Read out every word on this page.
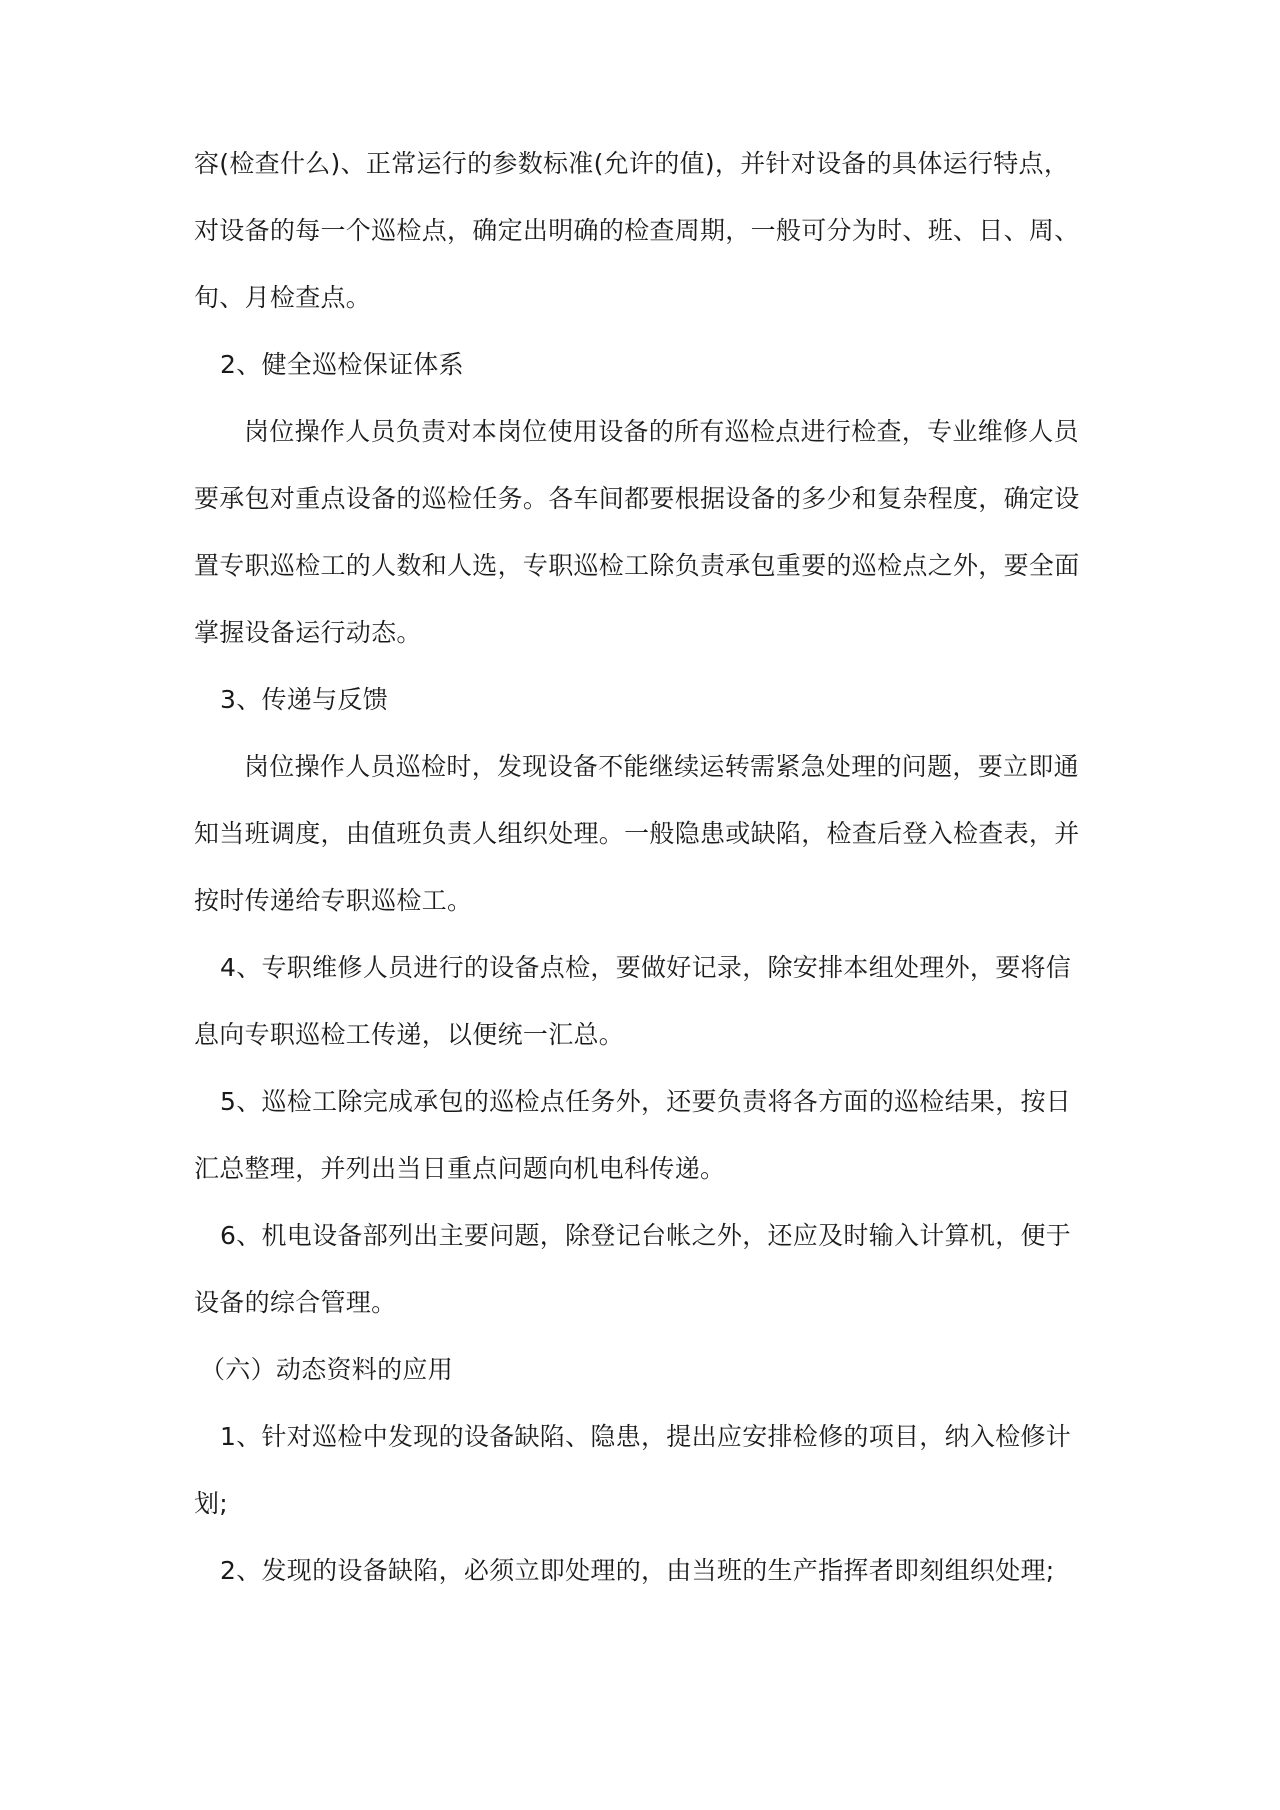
容(检查什么)、正常运行的参数标准(允许的值)，并针对设备的具体运行特点，
对设备的每一个巡检点，确定出明确的检查周期，一般可分为时、班、日、周、
旬、月检查点。
2、健全巡检保证体系
岗位操作人员负责对本岗位使用设备的所有巡检点进行检查，专业维修人员
要承包对重点设备的巡检任务。各车间都要根据设备的多少和复杂程度，确定设
置专职巡检工的人数和人选，专职巡检工除负责承包重要的巡检点之外，要全面
掌握设备运行动态。
3、传递与反馈
岗位操作人员巡检时，发现设备不能继续运转需紧急处理的问题，要立即通
知当班调度，由值班负责人组织处理。一般隐患或缺陷，检查后登入检查表，并
按时传递给专职巡检工。
4、专职维修人员进行的设备点检，要做好记录，除安排本组处理外，要将信
息向专职巡检工传递，以便统一汇总。
5、巡检工除完成承包的巡检点任务外，还要负责将各方面的巡检结果，按日
汇总整理，并列出当日重点问题向机电科传递。
6、机电设备部列出主要问题，除登记台帐之外，还应及时输入计算机，便于
设备的综合管理。
（六）动态资料的应用
1、针对巡检中发现的设备缺陷、隐患，提出应安排检修的项目，纳入检修计
划;
2、发现的设备缺陷，必须立即处理的，由当班的生产指挥者即刻组织处理;
